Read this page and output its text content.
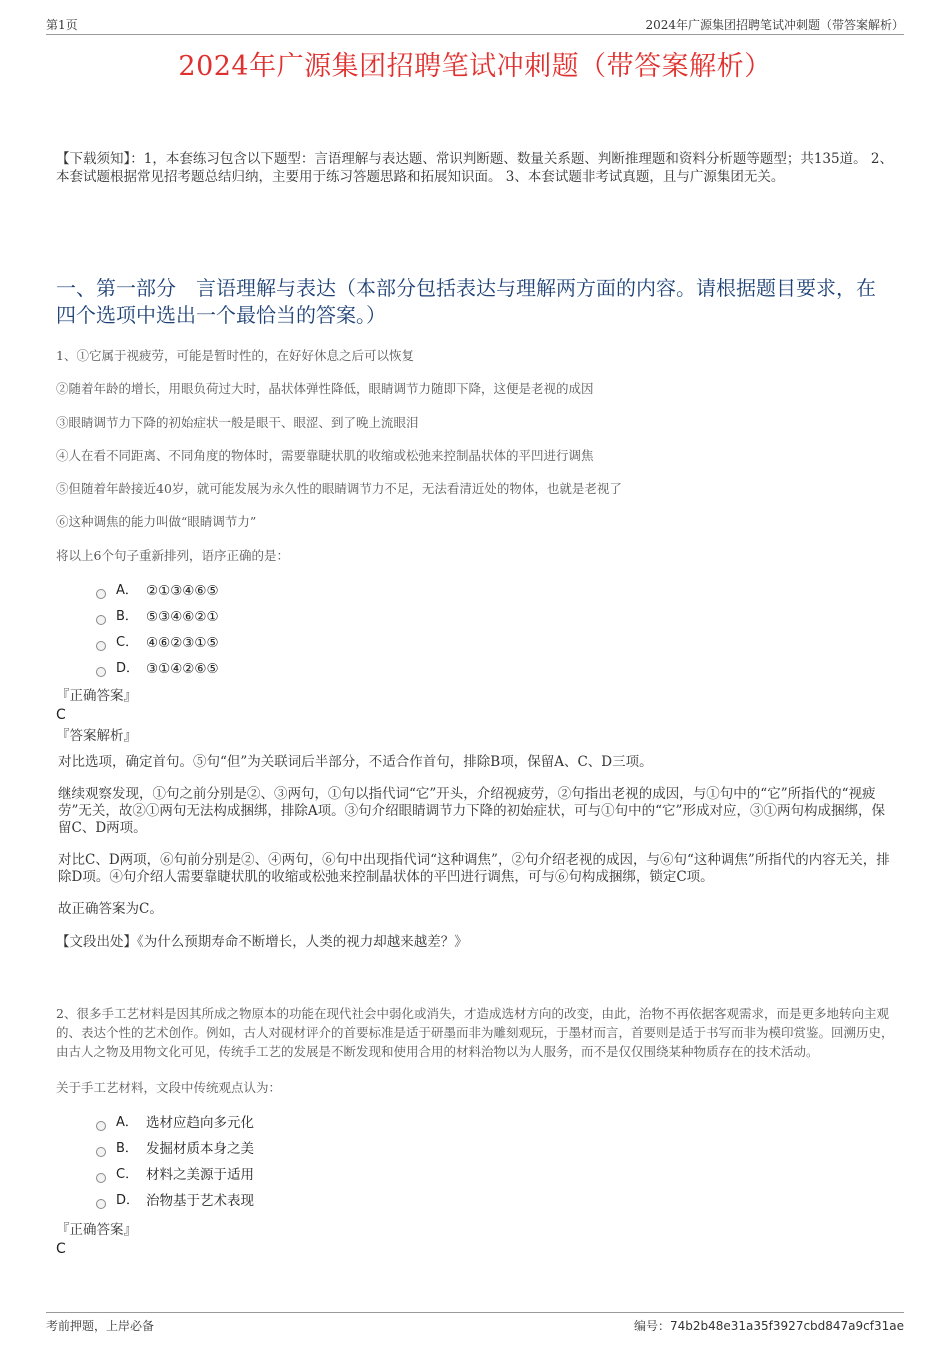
第1页	2024年广源集团招聘笔试冲刺题（带答案解析）
2024年广源集团招聘笔试冲刺题（带答案解析）
【下载须知】：1，本套练习包含以下题型：言语理解与表达题、常识判断题、数量关系题、判断推理题和资料分析题等题型；共135道。 2、本套试题根据常见招考题总结归纳，主要用于练习答题思路和拓展知识面。 3、本套试题非考试真题，且与广源集团无关。
一、第一部分　言语理解与表达（本部分包括表达与理解两方面的内容。请根据题目要求，在四个选项中选出一个最恰当的答案。）
1、①它属于视疲劳，可能是暂时性的，在好好休息之后可以恢复
②随着年龄的增长，用眼负荷过大时，晶状体弹性降低，眼睛调节力随即下降，这便是老视的成因
③眼睛调节力下降的初始症状一般是眼干、眼涩、到了晚上流眼泪
④人在看不同距离、不同角度的物体时，需要靠睫状肌的收缩或松弛来控制晶状体的平凹进行调焦
⑤但随着年龄接近40岁，就可能发展为永久性的眼睛调节力不足，无法看清近处的物体，也就是老视了
⑥这种调焦的能力叫做“眼睛调节力”
将以上6个句子重新排列，语序正确的是：
A． ②①③④⑥⑤
B． ⑤③④⑥②①
C． ④⑥②③①⑤
D． ③①④②⑥⑤
『正确答案』
C
『答案解析』

对比选项，确定首句。⑤句“但”为关联词后半部分，不适合作首句，排除B项，保留A、C、D三项。

继续观察发现，①句之前分别是②、③两句，①句以指代词“它”开头，介绍视疲劳，②句指出老视的成因，与①句中的“它”所指代的“视疲劳”无关，故②①两句无法构成捆绑，排除A项。③句介绍眼睛调节力下降的初始症状，可与①句中的“它”形成对应，③①两句构成捆绑，保留C、D两项。

对比C、D两项，⑥句前分别是②、④两句，⑥句中出现指代词“这种调焦”，②句介绍老视的成因，与⑥句“这种调焦”所指代的内容无关，排除D项。④句介绍人需要靠睫状肌的收缩或松弛来控制晶状体的平凹进行调焦，可与⑥句构成捆绑，锁定C项。

故正确答案为C。

【文段出处】《为什么预期寿命不断增长，人类的视力却越来越差？》
2、很多手工艺材料是因其所成之物原本的功能在现代社会中弱化或消失，才造成选材方向的改变，由此，治物不再依据客观需求，而是更多地转向主观的、表达个性的艺术创作。例如，古人对砚材评介的首要标准是适于研墨而非为雕刻观玩，于墨材而言，首要则是适于书写而非为模印赏鉴。回溯历史，由古人之物及用物文化可见，传统手工艺的发展是不断发现和使用合用的材料治物以为人服务，而不是仅仅围绕某种物质存在的技术活动。
关于手工艺材料，文段中传统观点认为：
A． 选材应趋向多元化
B． 发掘材质本身之美
C． 材料之美源于适用
D． 治物基于艺术表现
『正确答案』
C
考前押题，上岸必备	编号：74b2b48e31a35f3927cbd847a9cf31ae
